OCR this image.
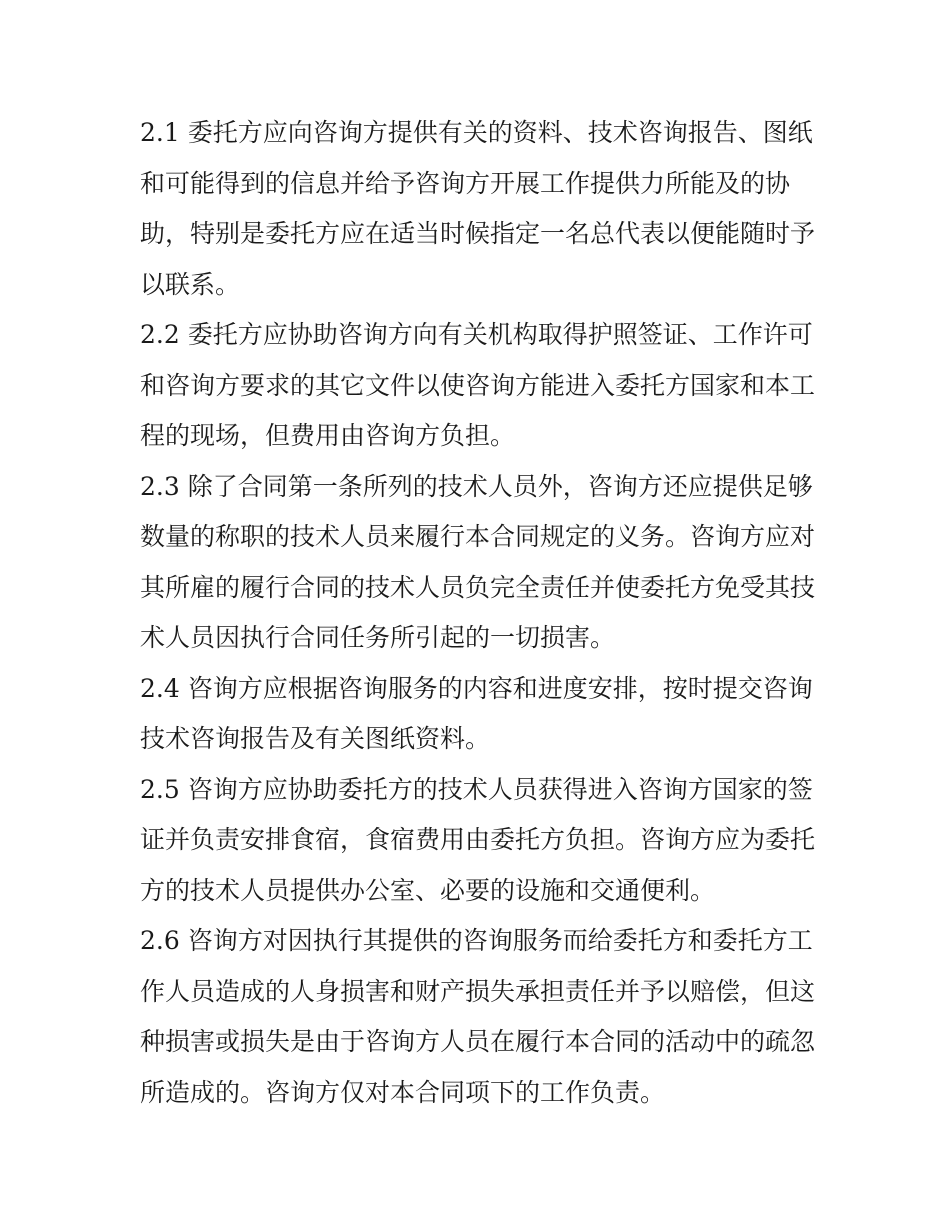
2.1 委托方应向咨询方提供有关的资料、技术咨询报告、图纸
和可能得到的信息并给予咨询方开展工作提供力所能及的协
助，特别是委托方应在适当时候指定一名总代表以便能随时予
以联系。
2.2 委托方应协助咨询方向有关机构取得护照签证、工作许可
和咨询方要求的其它文件以使咨询方能进入委托方国家和本工
程的现场，但费用由咨询方负担。
2.3 除了合同第一条所列的技术人员外，咨询方还应提供足够
数量的称职的技术人员来履行本合同规定的义务。咨询方应对
其所雇的履行合同的技术人员负完全责任并使委托方免受其技
术人员因执行合同任务所引起的一切损害。
2.4 咨询方应根据咨询服务的内容和进度安排，按时提交咨询
技术咨询报告及有关图纸资料。
2.5 咨询方应协助委托方的技术人员获得进入咨询方国家的签
证并负责安排食宿，食宿费用由委托方负担。咨询方应为委托
方的技术人员提供办公室、必要的设施和交通便利。
2.6 咨询方对因执行其提供的咨询服务而给委托方和委托方工
作人员造成的人身损害和财产损失承担责任并予以赔偿，但这
种损害或损失是由于咨询方人员在履行本合同的活动中的疏忽
所造成的。咨询方仅对本合同项下的工作负责。
